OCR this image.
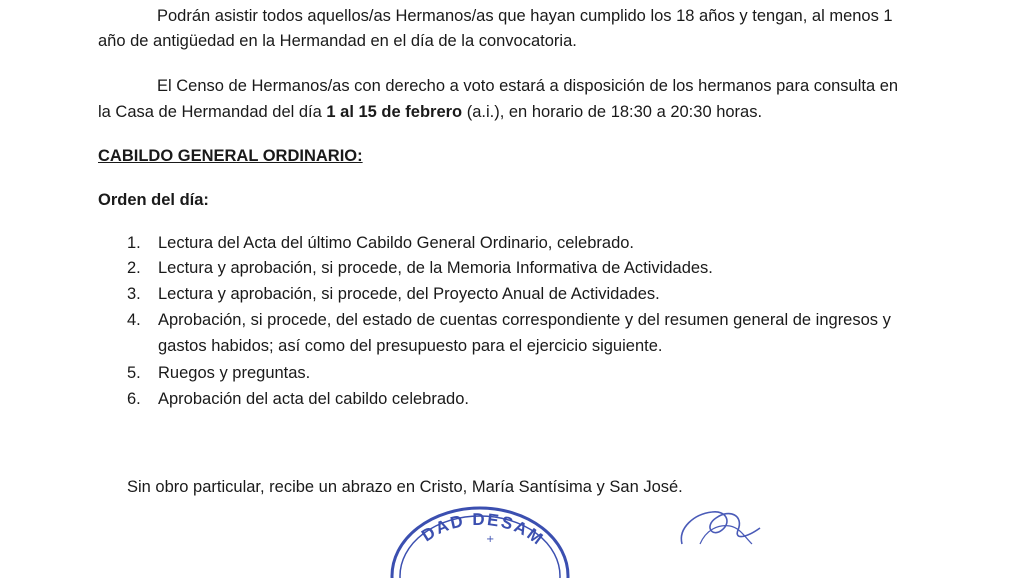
Podrán asistir todos aquellos/as Hermanos/as que hayan cumplido los 18 años y tengan, al menos 1
año de antigüedad en la Hermandad en el día de la convocatoria.
El Censo de Hermanos/as con derecho a voto estará a disposición de los hermanos para consulta en
la Casa de Hermandad del día 1 al 15 de febrero (a.i.), en horario de 18:30 a 20:30 horas.
CABILDO GENERAL ORDINARIO:
Orden del día:
1. Lectura del Acta del último Cabildo General Ordinario, celebrado.
2. Lectura y aprobación, si procede, de la Memoria Informativa de Actividades.
3. Lectura y aprobación, si procede, del Proyecto Anual de Actividades.
4. Aprobación, si procede, del estado de cuentas correspondiente y del resumen general de ingresos y
gastos habidos; así como del presupuesto para el ejercicio siguiente.
5. Ruegos y preguntas.
6. Aprobación del acta del cabildo celebrado.
Sin obro particular, recibe un abrazo en Cristo, María Santísima y San José.
DAD DESAM
+
